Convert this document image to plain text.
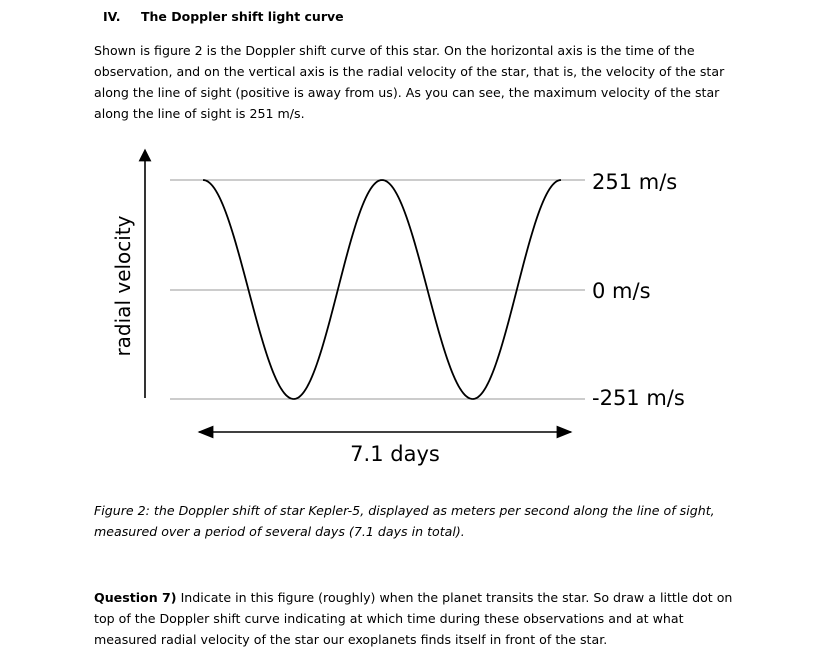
IV. The Doppler shift light curve

Shown is figure 2 is the Doppler shift curve of this star. On the horizontal axis is the time of the observation, and on the vertical axis is the radial velocity of the star, that is, the velocity of the star along the line of sight (positive is away from us). As you can see, the maximum velocity of the star along the line of sight is 251 m/s.

radial velocity
251 m/s
0 m/s
-251 m/s
7.1 days

Figure 2: the Doppler shift of star Kepler-5, displayed as meters per second along the line of sight, measured over a period of several days (7.1 days in total).

Question 7) Indicate in this figure (roughly) when the planet transits the star. So draw a little dot on top of the Doppler shift curve indicating at which time during these observations and at what measured radial velocity of the star our exoplanets finds itself in front of the star.
